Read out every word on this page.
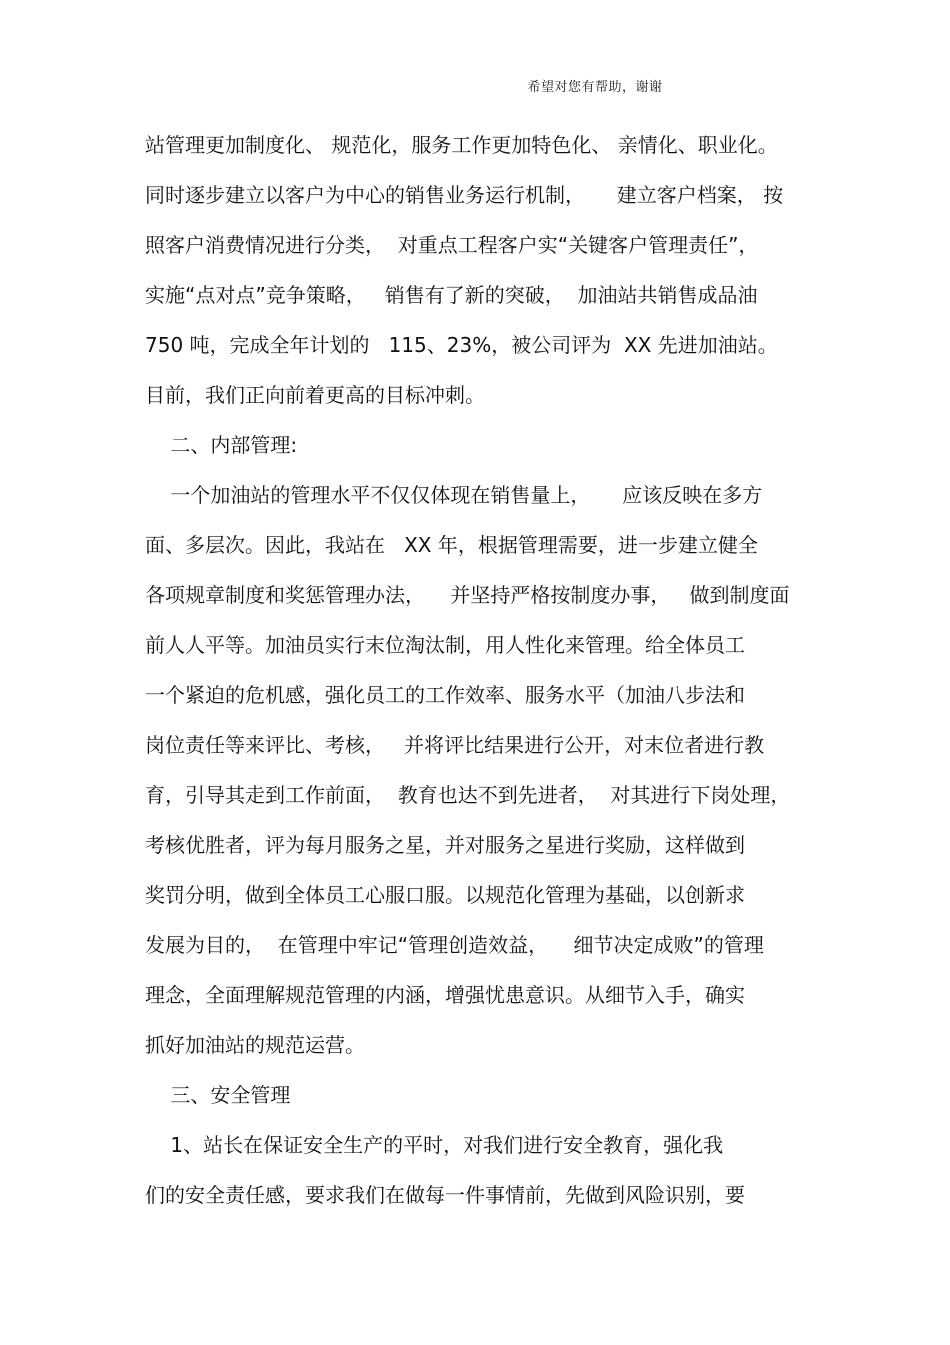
希望对您有帮助，谢谢
站管理更加制度化、 规范化，服务工作更加特色化、 亲情化、职业化。
同时逐步建立以客户为中心的销售业务运行机制，     建立客户档案， 按
照客户消费情况进行分类，  对重点工程客户实“关键客户管理责任”，
实施“点对点”竞争策略，   销售有了新的突破，  加油站共销售成品油
750 吨，完成全年计划的   115、23%，被公司评为  XX 先进加油站。
目前，我们正向前着更高的目标冲刺。
二、内部管理:
一个加油站的管理水平不仅仅体现在销售量上，     应该反映在多方
面、多层次。因此，我站在   XX 年，根据管理需要，进一步建立健全
各项规章制度和奖惩管理办法，    并坚持严格按制度办事，   做到制度面
前人人平等。加油员实行末位淘汰制，用人性化来管理。给全体员工
一个紧迫的危机感，强化员工的工作效率、服务水平（加油八步法和
岗位责任等来评比、考核，   并将评比结果进行公开，对末位者进行教
育，引导其走到工作前面，  教育也达不到先进者，  对其进行下岗处理，
考核优胜者，评为每月服务之星，并对服务之星进行奖励，这样做到
奖罚分明，做到全体员工心服口服。以规范化管理为基础，以创新求
发展为目的，  在管理中牢记“管理创造效益，    细节决定成败”的管理
理念，全面理解规范管理的内涵，增强忧患意识。从细节入手，确实
抓好加油站的规范运营。
三、安全管理
1、站长在保证安全生产的平时，对我们进行安全教育，强化我
们的安全责任感，要求我们在做每一件事情前，先做到风险识别，要
